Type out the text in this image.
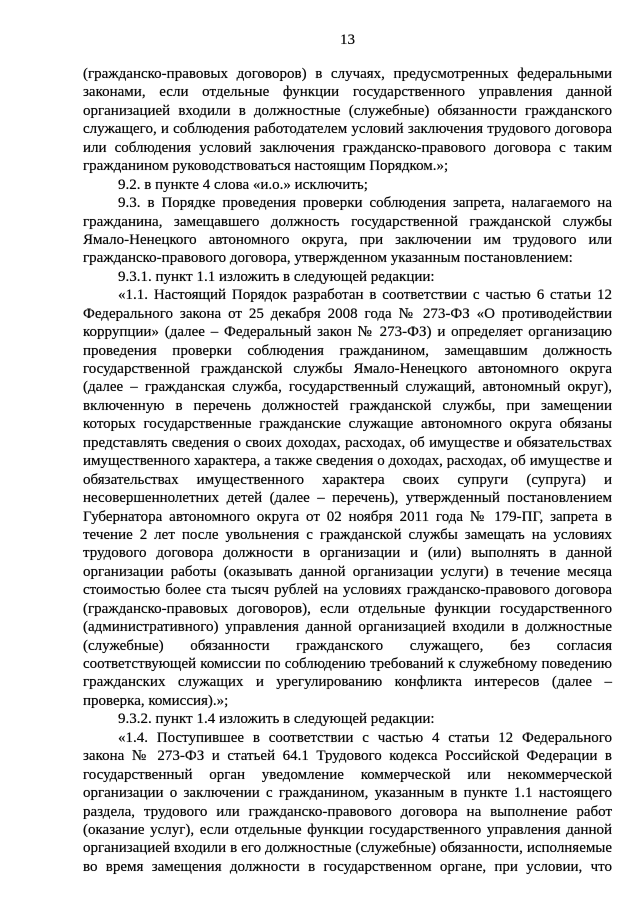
13
(гражданско-правовых договоров) в случаях, предусмотренных федеральными
законами, если отдельные функции государственного управления данной
организацией входили в должностные (служебные) обязанности гражданского
служащего, и соблюдения работодателем условий заключения трудового договора
или соблюдения условий заключения гражданско-правового договора с таким
гражданином руководствоваться настоящим Порядком.»;
9.2. в пункте 4 слова «и.о.» исключить;
9.3. в Порядке проведения проверки соблюдения запрета, налагаемого на
гражданина, замещавшего должность государственной гражданской службы
Ямало-Ненецкого автономного округа, при заключении им трудового или
гражданско-правового договора, утвержденном указанным постановлением:
9.3.1. пункт 1.1 изложить в следующей редакции:
«1.1. Настоящий Порядок разработан в соответствии с частью 6 статьи 12
Федерального закона от 25 декабря 2008 года № 273-ФЗ «О противодействии
коррупции» (далее – Федеральный закон № 273-ФЗ) и определяет организацию
проведения проверки соблюдения гражданином, замещавшим должность
государственной гражданской службы Ямало-Ненецкого автономного округа
(далее – гражданская служба, государственный служащий, автономный округ),
включенную в перечень должностей гражданской службы, при замещении
которых государственные гражданские служащие автономного округа обязаны
представлять сведения о своих доходах, расходах, об имуществе и обязательствах
имущественного характера, а также сведения о доходах, расходах, об имуществе и
обязательствах имущественного характера своих супруги (супруга) и
несовершеннолетних детей (далее – перечень), утвержденный постановлением
Губернатора автономного округа от 02 ноября 2011 года № 179-ПГ, запрета в
течение 2 лет после увольнения с гражданской службы замещать на условиях
трудового договора должности в организации и (или) выполнять в данной
организации работы (оказывать данной организации услуги) в течение месяца
стоимостью более ста тысяч рублей на условиях гражданско-правового договора
(гражданско-правовых договоров), если отдельные функции государственного
(административного) управления данной организацией входили в должностные
(служебные) обязанности гражданского служащего, без согласия
соответствующей комиссии по соблюдению требований к служебному поведению
гражданских служащих и урегулированию конфликта интересов (далее –
проверка, комиссия).»;
9.3.2. пункт 1.4 изложить в следующей редакции:
«1.4. Поступившее в соответствии с частью 4 статьи 12 Федерального
закона № 273-ФЗ и статьей 64.1 Трудового кодекса Российской Федерации в
государственный орган уведомление коммерческой или некоммерческой
организации о заключении с гражданином, указанным в пункте 1.1 настоящего
раздела, трудового или гражданско-правового договора на выполнение работ
(оказание услуг), если отдельные функции государственного управления данной
организацией входили в его должностные (служебные) обязанности, исполняемые
во время замещения должности в государственном органе, при условии, что
